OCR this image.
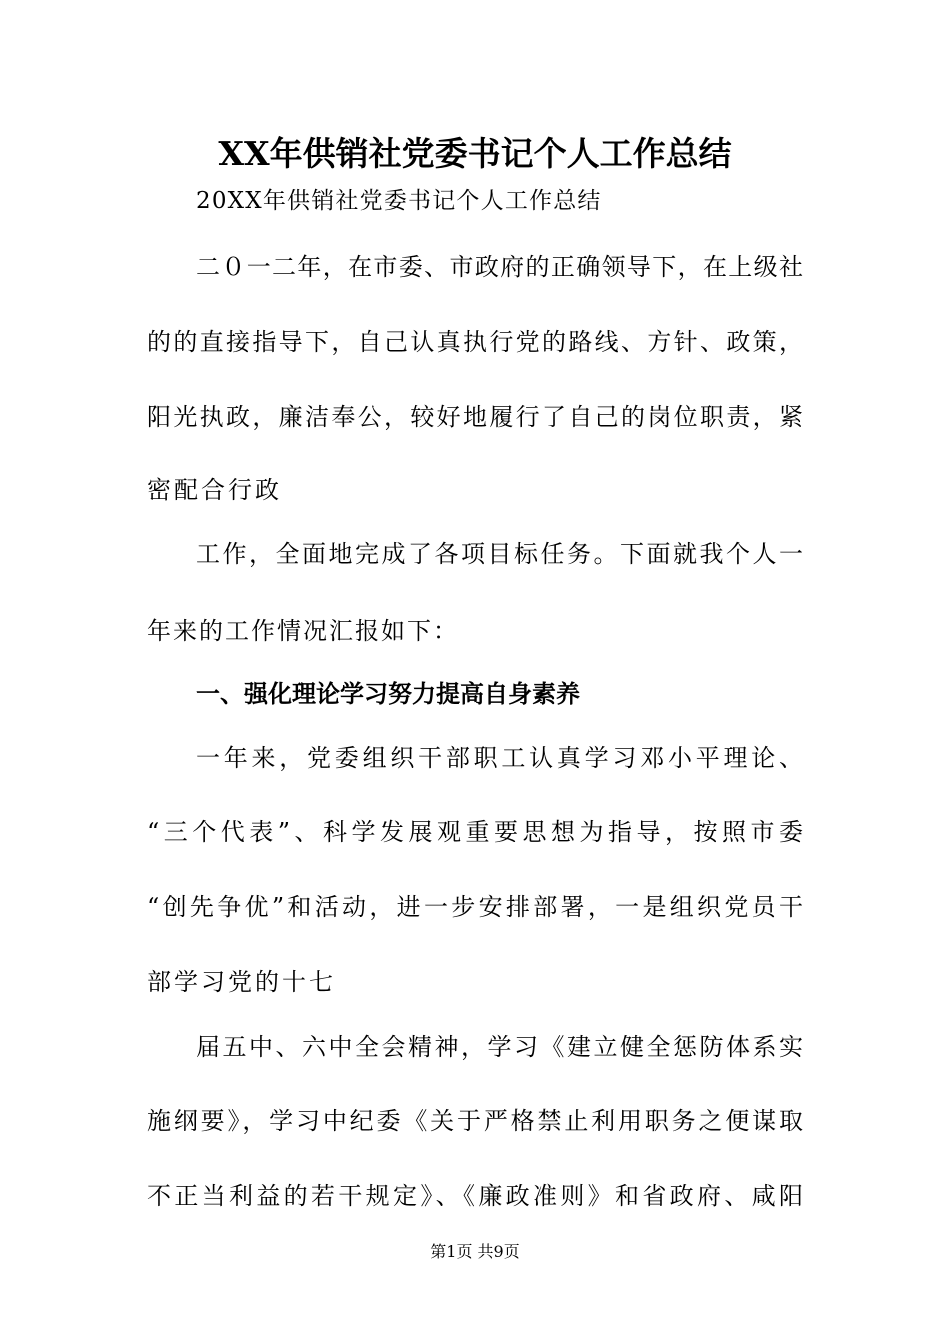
XX年供销社党委书记个人工作总结

20XX年供销社党委书记个人工作总结

二０一二年，在市委、市政府的正确领导下，在上级社

的的直接指导下，自己认真执行党的路线、方针、政策，

阳光执政，廉洁奉公，较好地履行了自己的岗位职责，紧

密配合行政

工作，全面地完成了各项目标任务。下面就我个人一

年来的工作情况汇报如下：

一、强化理论学习努力提高自身素养

一年来，党委组织干部职工认真学习邓小平理论、

“三个代表”、科学发展观重要思想为指导，按照市委

“创先争优”和活动，进一步安排部署，一是组织党员干

部学习党的十七

届五中、六中全会精神，学习《建立健全惩防体系实

施纲要》，学习中纪委《关于严格禁止利用职务之便谋取

不正当利益的若干规定》、《廉政准则》和省政府、咸阳

第1页 共9页
